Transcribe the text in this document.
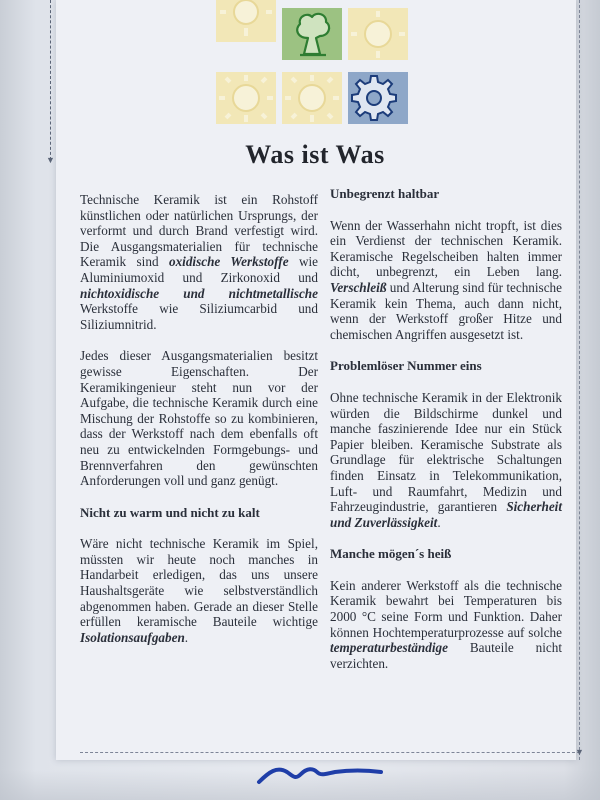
▼
▼
Was ist Was

Technische Keramik ist ein Rohstoff künstlichen oder natürlichen Ursprungs, der verformt und durch Brand verfestigt wird. Die Ausgangsmaterialien für technische Keramik sind oxidische Werkstoffe wie Aluminiumoxid und Zirkonoxid und nichtoxidische und nichtmetallische Werkstoffe wie Siliziumcarbid und Siliziumnitrid.

Jedes dieser Ausgangsmaterialien besitzt gewisse Eigenschaften. Der Keramikingenieur steht nun vor der Aufgabe, die technische Keramik durch eine Mischung der Rohstoffe so zu kombinieren, dass der Werkstoff nach dem ebenfalls oft neu zu entwickelnden Formgebungs- und Brennverfahren den gewünschten Anforderungen voll und ganz genügt.

Nicht zu warm und nicht zu kalt

Wäre nicht technische Keramik im Spiel, müssten wir heute noch manches in Handarbeit erledigen, das uns unsere Haushaltsgeräte wie selbstverständlich abgenommen haben. Gerade an dieser Stelle erfüllen keramische Bauteile wichtige Isolationsaufgaben.

Unbegrenzt haltbar

Wenn der Wasserhahn nicht tropft, ist dies ein Verdienst der technischen Keramik. Keramische Regelscheiben halten immer dicht, unbegrenzt, ein Leben lang. Verschleiß und Alterung sind für technische Keramik kein Thema, auch dann nicht, wenn der Werkstoff großer Hitze und chemischen Angriffen ausgesetzt ist.

Problemlöser Nummer eins

Ohne technische Keramik in der Elektronik würden die Bildschirme dunkel und manche faszinierende Idee nur ein Stück Papier bleiben. Keramische Substrate als Grundlage für elektrische Schaltungen finden Einsatz in Telekommunikation, Luft- und Raumfahrt, Medizin und Fahrzeugindustrie, garantieren Sicherheit und Zuverlässigkeit.

Manche mögen´s heiß

Kein anderer Werkstoff als die technische Keramik bewahrt bei Temperaturen bis 2000 °C seine Form und Funktion. Daher können Hochtemperaturprozesse auf solche temperaturbeständige Bauteile nicht verzichten.
